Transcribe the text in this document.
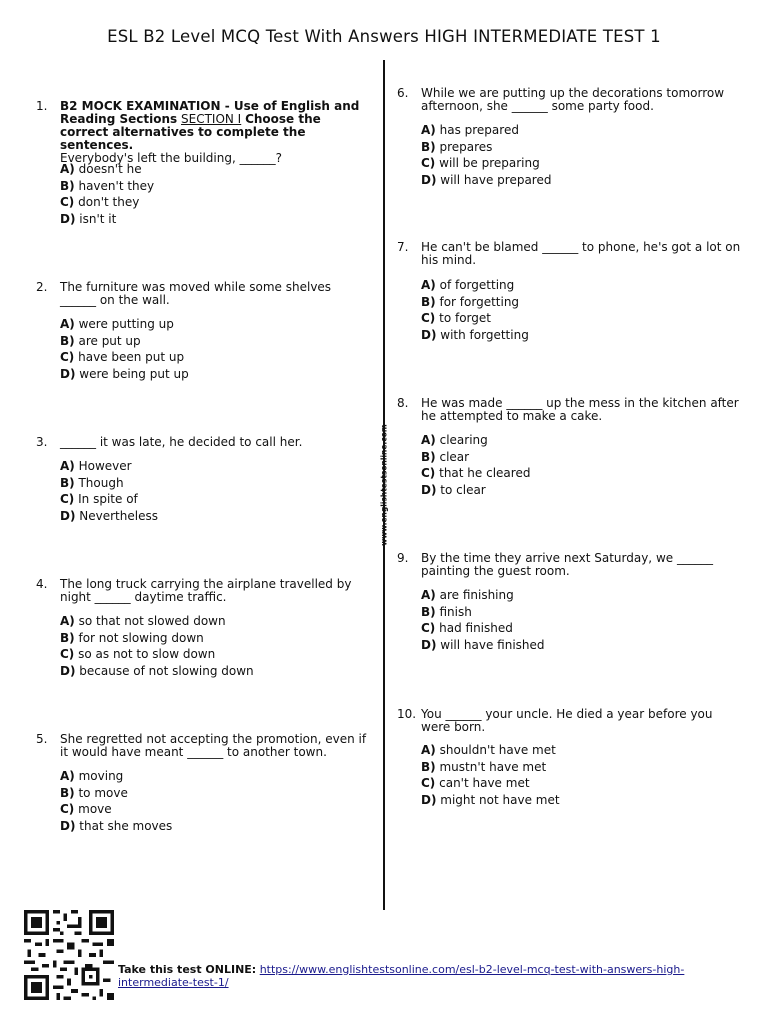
ESL B2 Level MCQ Test With Answers HIGH INTERMEDIATE TEST 1
www.englishtestsonline.com
1. B2 MOCK EXAMINATION - Use of English and Reading Sections SECTION I Choose the correct alternatives to complete the sentences.
Everybody's left the building, ______?
A) doesn't he
B) haven't they
C) don't they
D) isn't it
2. The furniture was moved while some shelves ______ on the wall.
A) were putting up
B) are put up
C) have been put up
D) were being put up
3. ______ it was late, he decided to call her.
A) However
B) Though
C) In spite of
D) Nevertheless
4. The long truck carrying the airplane travelled by night ______ daytime traffic.
A) so that not slowed down
B) for not slowing down
C) so as not to slow down
D) because of not slowing down
5. She regretted not accepting the promotion, even if it would have meant ______ to another town.
A) moving
B) to move
C) move
D) that she moves
6. While we are putting up the decorations tomorrow afternoon, she ______ some party food.
A) has prepared
B) prepares
C) will be preparing
D) will have prepared
7. He can't be blamed ______ to phone, he's got a lot on his mind.
A) of forgetting
B) for forgetting
C) to forget
D) with forgetting
8. He was made ______ up the mess in the kitchen after he attempted to make a cake.
A) clearing
B) clear
C) that he cleared
D) to clear
9. By the time they arrive next Saturday, we ______ painting the guest room.
A) are finishing
B) finish
C) had finished
D) will have finished
10. You ______ your uncle. He died a year before you were born.
A) shouldn't have met
B) mustn't have met
C) can't have met
D) might not have met
Take this test ONLINE: https://www.englishtestsonline.com/esl-b2-level-mcq-test-with-answers-high-intermediate-test-1/
